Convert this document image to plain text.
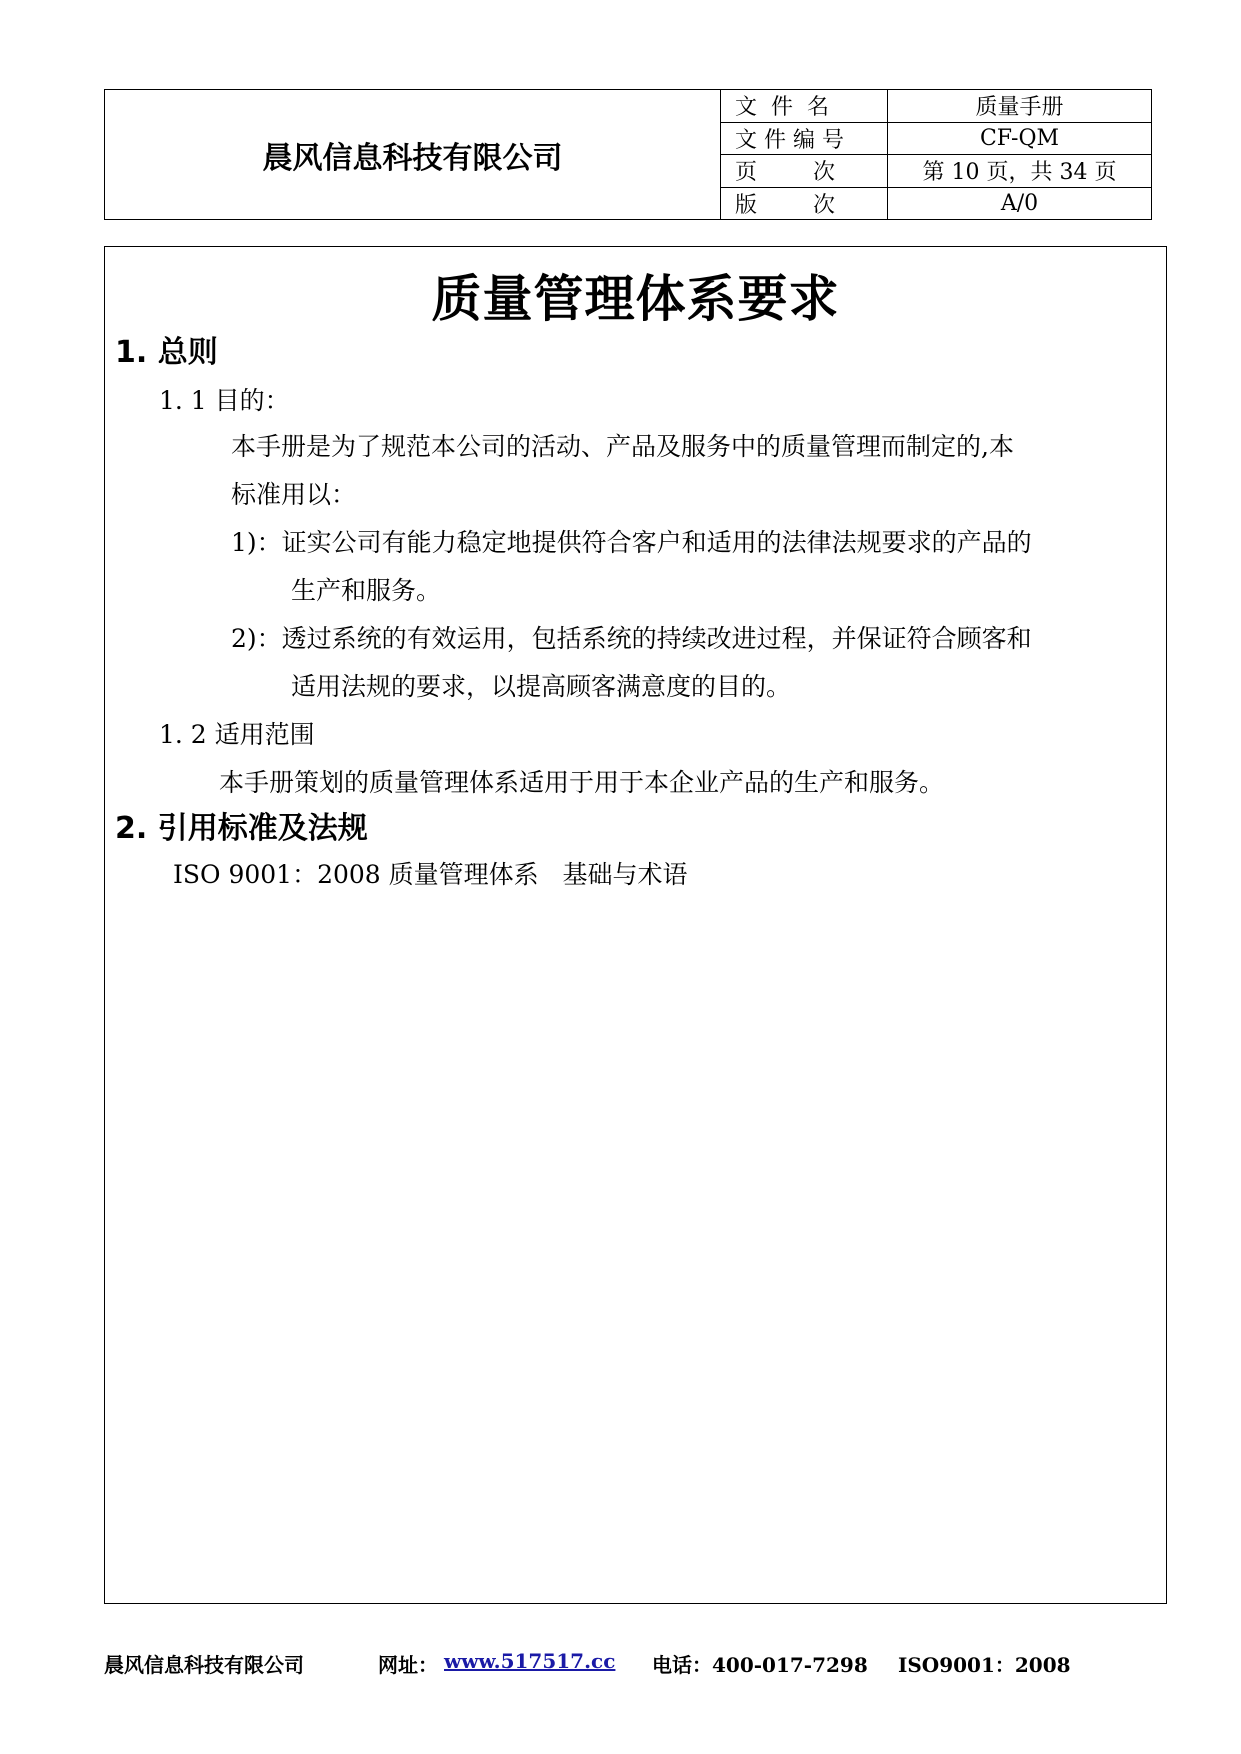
晨风信息科技有限公司
文  件  名	质量手册
文 件 编 号	CF-QM
页        次	第 10 页，共 34 页
版        次	A/0
质量管理体系要求
1. 总则
1. 1 目的：
本手册是为了规范本公司的活动、产品及服务中的质量管理而制定的,本
标准用以：
1)：证实公司有能力稳定地提供符合客户和适用的法律法规要求的产品的
生产和服务。
2)：透过系统的有效运用，包括系统的持续改进过程，并保证符合顾客和
适用法规的要求，以提高顾客满意度的目的。
1. 2 适用范围
本手册策划的质量管理体系适用于用于本企业产品的生产和服务。
2. 引用标准及法规
ISO 9001：2008 质量管理体系   基础与术语
晨风信息科技有限公司	网址： www.517517.cc 电话：400-017-7298 ISO9001：2008
